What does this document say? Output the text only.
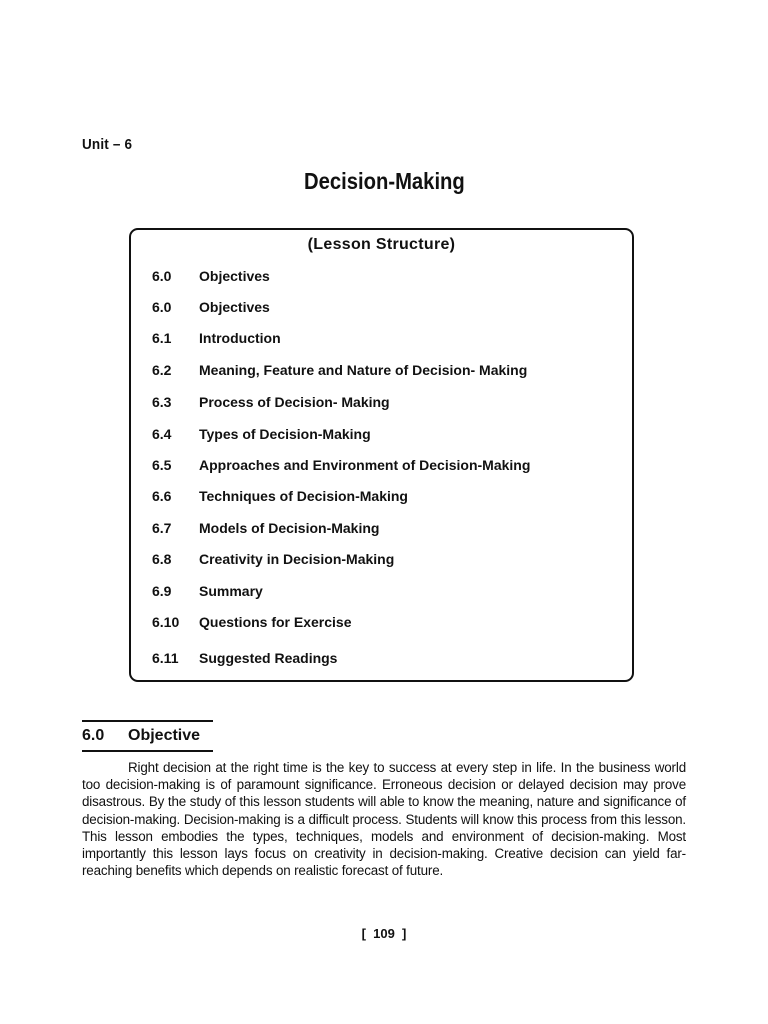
Unit – 6
Decision-Making
(Lesson Structure)
6.0 Objectives
6.0 Objectives
6.1 Introduction
6.2 Meaning, Feature and Nature of Decision- Making
6.3 Process of Decision- Making
6.4 Types of Decision-Making
6.5 Approaches and Environment of Decision-Making
6.6 Techniques of Decision-Making
6.7 Models of Decision-Making
6.8 Creativity in Decision-Making
6.9 Summary
6.10 Questions for Exercise
6.11 Suggested Readings
6.0 Objective

Right decision at the right time is the key to success at every step in life. In the business world too decision-making is of paramount significance. Erroneous decision or delayed decision may prove disastrous. By the study of this lesson students will able to know the meaning, nature and significance of decision-making. Decision-making is a difficult process. Students will know this process from this lesson. This lesson embodies the types, techniques, models and environment of decision-making. Most importantly this lesson lays focus on creativity in decision-making. Creative decision can yield far-reaching benefits which depends on realistic forecast of future.

[  109  ]
